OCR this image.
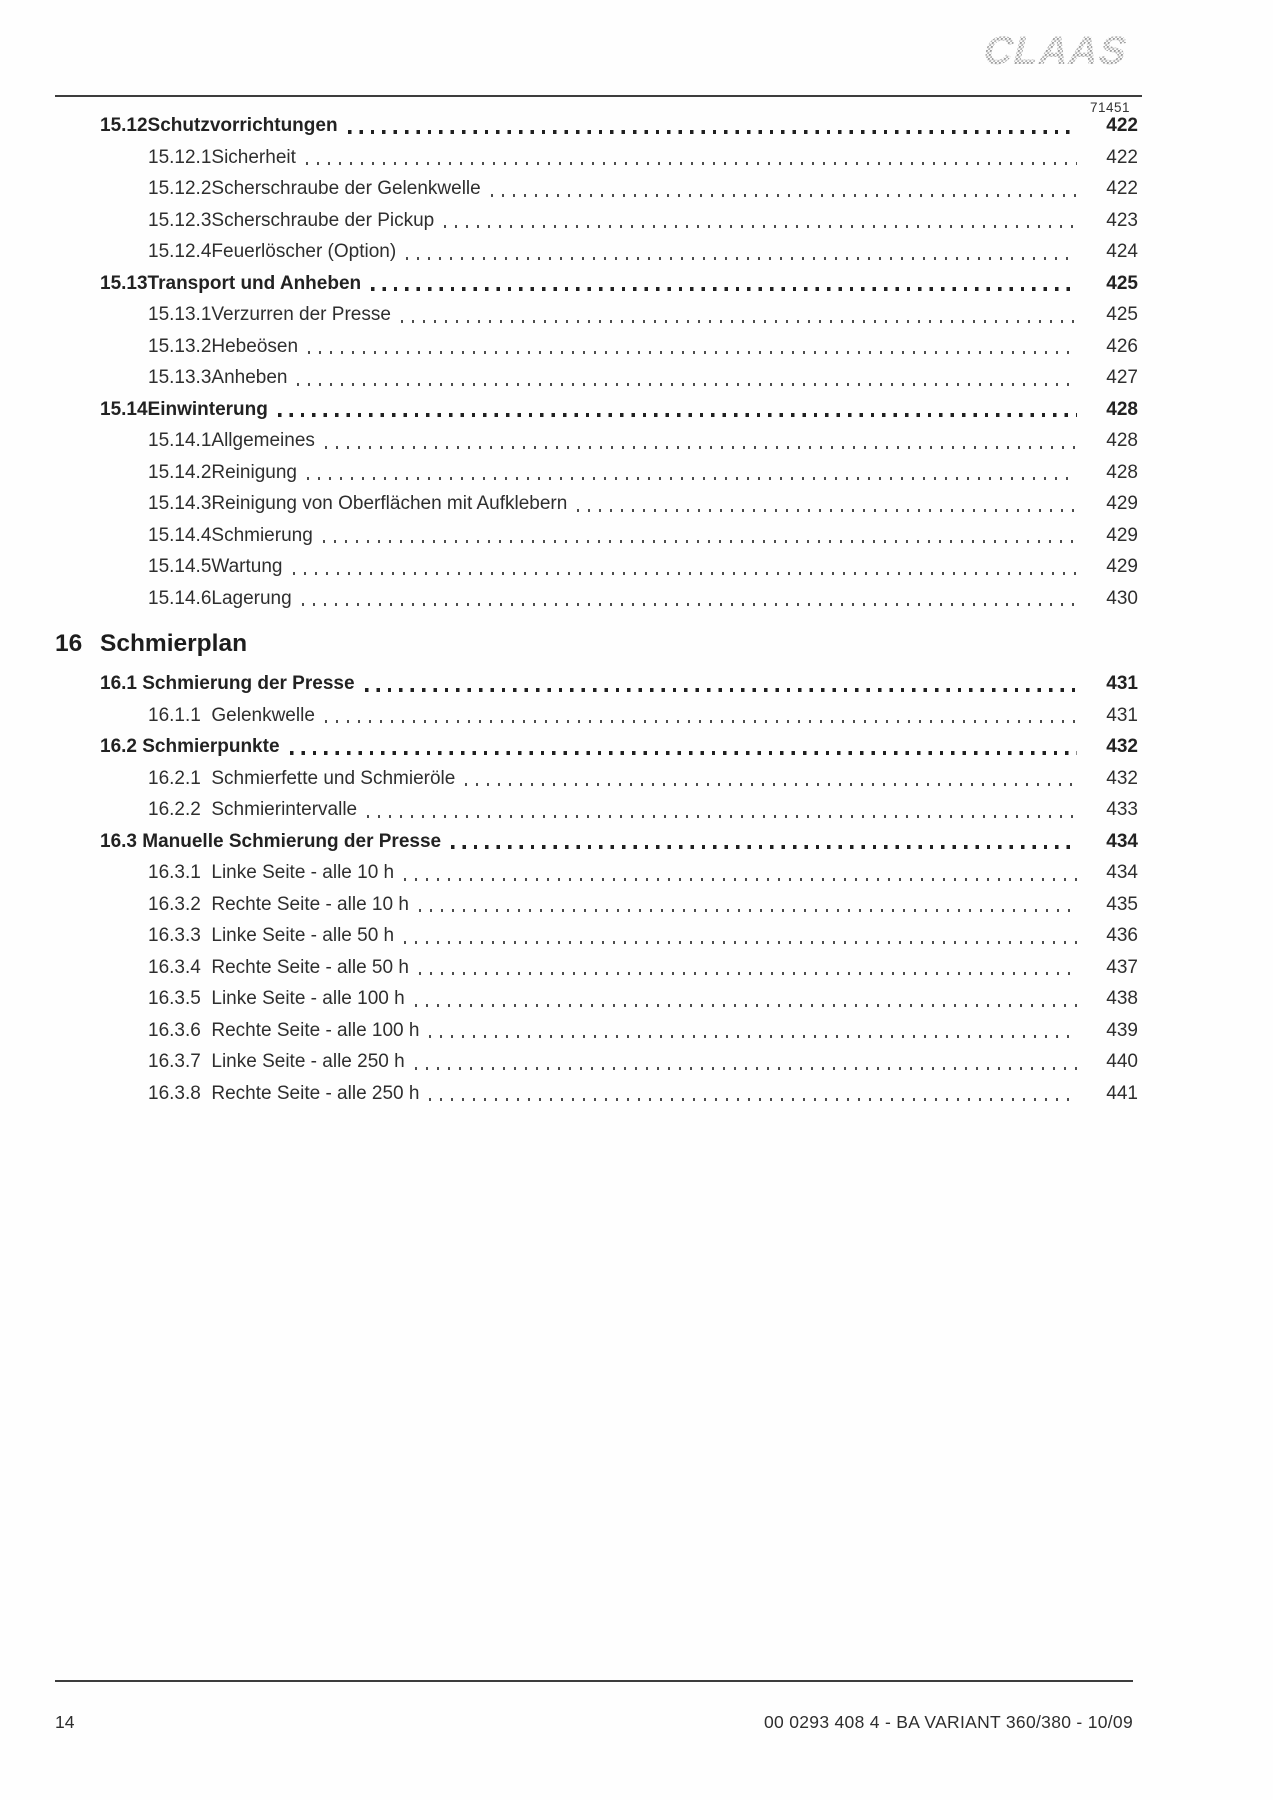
CLAAS
71451
15.12Schutzvorrichtungen	422
15.12.1Sicherheit	422
15.12.2Scherschraube der Gelenkwelle	422
15.12.3Scherschraube der Pickup	423
15.12.4Feuerlöscher (Option)	424
15.13Transport und Anheben	425
15.13.1Verzurren der Presse	425
15.13.2Hebeösen	426
15.13.3Anheben	427
15.14Einwinterung	428
15.14.1Allgemeines	428
15.14.2Reinigung	428
15.14.3Reinigung von Oberflächen mit Aufklebern	429
15.14.4Schmierung	429
15.14.5Wartung	429
15.14.6Lagerung	430
16 Schmierplan
16.1 Schmierung der Presse	431
16.1.1  Gelenkwelle	431
16.2 Schmierpunkte	432
16.2.1  Schmierfette und Schmieröle	432
16.2.2  Schmierintervalle	433
16.3 Manuelle Schmierung der Presse	434
16.3.1  Linke Seite - alle 10 h	434
16.3.2  Rechte Seite - alle 10 h	435
16.3.3  Linke Seite - alle 50 h	436
16.3.4  Rechte Seite - alle 50 h	437
16.3.5  Linke Seite - alle 100 h	438
16.3.6  Rechte Seite - alle 100 h	439
16.3.7  Linke Seite - alle 250 h	440
16.3.8  Rechte Seite - alle 250 h	441
14	00 0293 408 4 - BA VARIANT 360/380 - 10/09
